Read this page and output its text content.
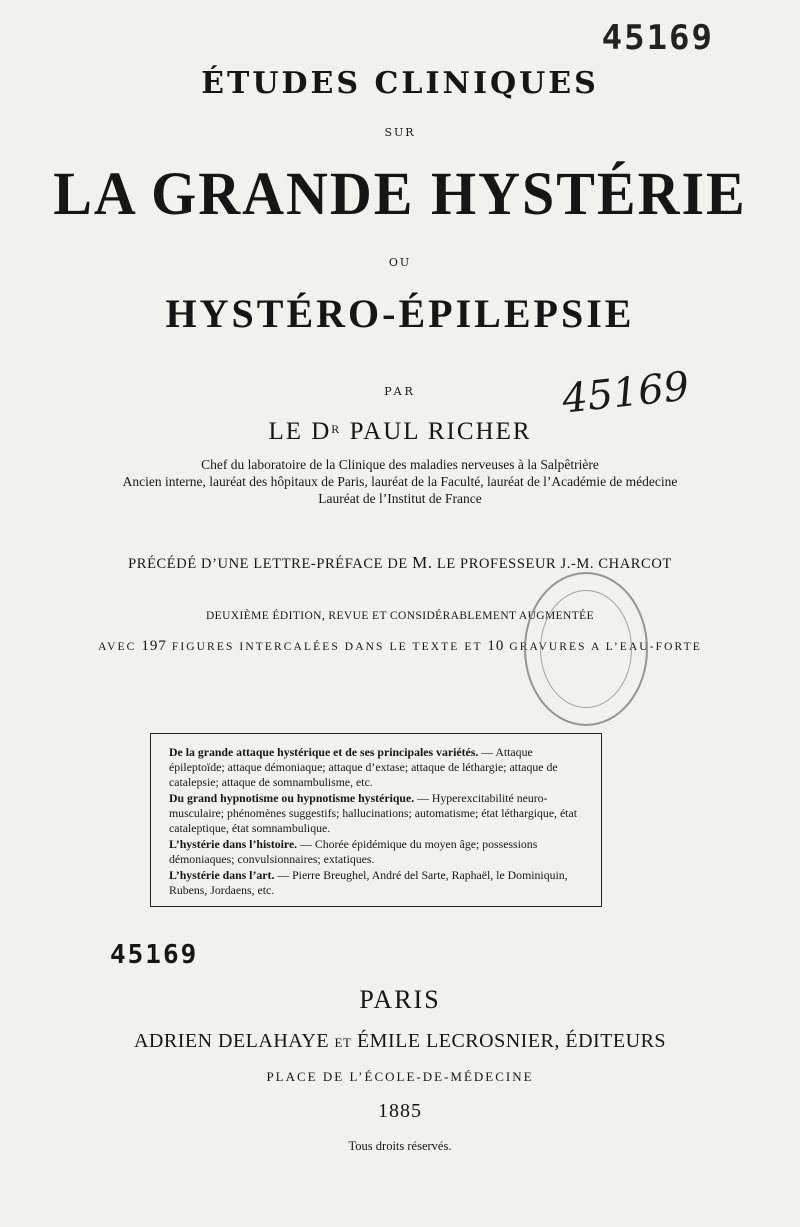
45169
ÉTUDES CLINIQUES
SUR
LA GRANDE HYSTÉRIE
OU
HYSTÉRO-ÉPILEPSIE
PAR	45169
LE $D^R$ PAUL RICHER
Chef du laboratoire de la Clinique des maladies nerveuses à la Salpêtrière
Ancien interne, lauréat des hôpitaux de Paris, lauréat de la Faculté, lauréat de l’Académie de médecine
Lauréat de l’Institut de France
PRÉCÉDÉ D’UNE LETTRE-PRÉFACE DE M. LE PROFESSEUR J.-M. CHARCOT
DEUXIÈME ÉDITION, REVUE ET CONSIDÉRABLEMENT AUGMENTÉE
AVEC 197 FIGURES INTERCALÉES DANS LE TEXTE ET 10 GRAVURES A L’EAU-FORTE

De la grande attaque hystérique et de ses principales variétés. — Attaque épileptoïde; attaque démoniaque; attaque d’extase; attaque de léthargie; attaque de catalepsie; attaque de somnambulisme, etc.

Du grand hypnotisme ou hypnotisme hystérique. — Hyperexcitabilité neuro-musculaire; phénomènes suggestifs; hallucinations; automatisme; état léthargique, état cataleptique, état somnambulique.

L’hystérie dans l’histoire. — Chorée épidémique du moyen âge; possessions démoniaques; convulsionnaires; extatiques.

L’hystérie dans l’art. — Pierre Breughel, André del Sarte, Raphaël, le Dominiquin, Rubens, Jordaens, etc.

45169
PARIS
ADRIEN DELAHAYE ET ÉMILE LECROSNIER, ÉDITEURS
PLACE DE L’ÉCOLE-DE-MÉDECINE
1885
Tous droits réservés.
